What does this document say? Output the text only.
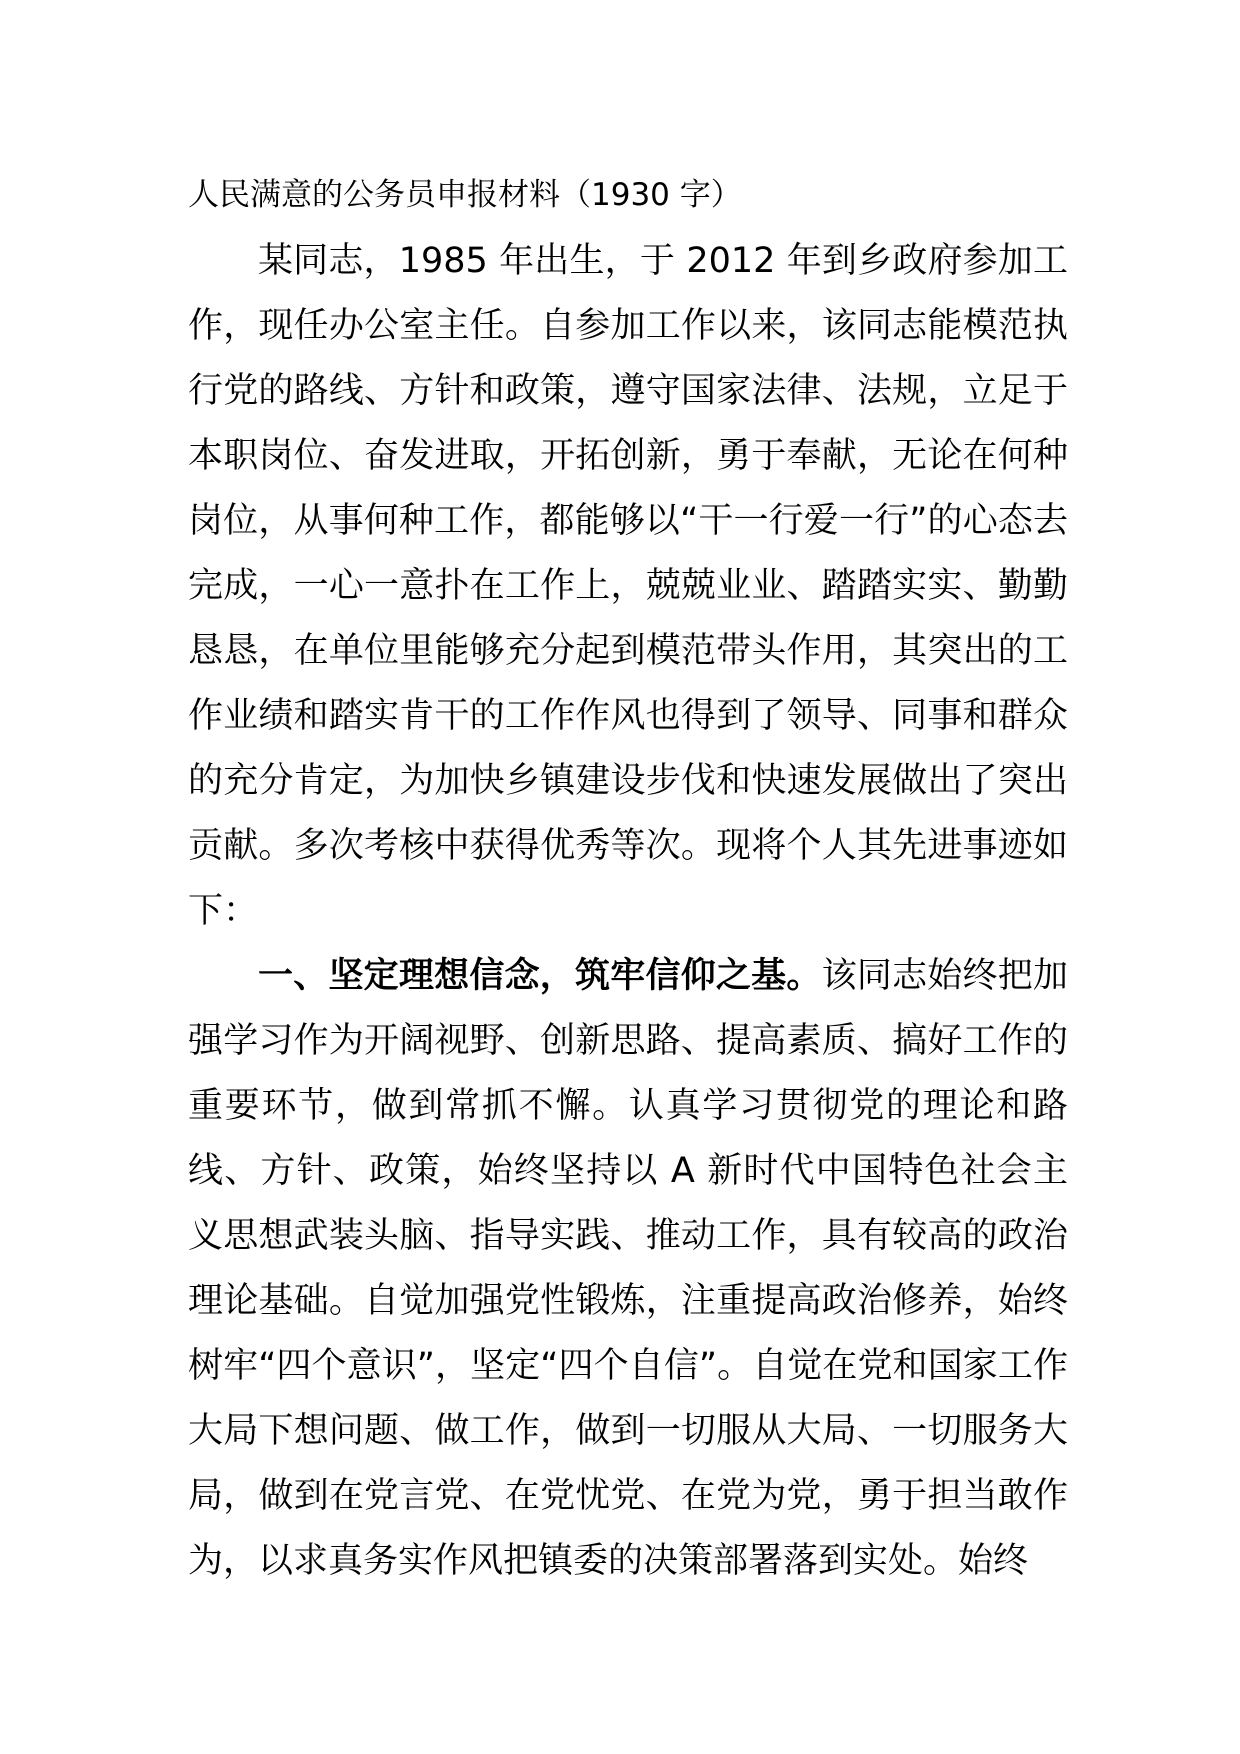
人民满意的公务员申报材料（1930 字）

某同志，1985 年出生，于 2012 年到乡政府参加工作，现任办公室主任。自参加工作以来，该同志能模范执行党的路线、方针和政策，遵守国家法律、法规，立足于本职岗位、奋发进取，开拓创新，勇于奉献，无论在何种岗位，从事何种工作，都能够以“干一行爱一行”的心态去完成，一心一意扑在工作上，兢兢业业、踏踏实实、勤勤恳恳，在单位里能够充分起到模范带头作用，其突出的工作业绩和踏实肯干的工作作风也得到了领导、同事和群众的充分肯定，为加快乡镇建设步伐和快速发展做出了突出贡献。多次考核中获得优秀等次。现将个人其先进事迹如下：

一、坚定理想信念，筑牢信仰之基。该同志始终把加强学习作为开阔视野、创新思路、提高素质、搞好工作的重要环节，做到常抓不懈。认真学习贯彻党的理论和路线、方针、政策，始终坚持以 A 新时代中国特色社会主义思想武装头脑、指导实践、推动工作，具有较高的政治理论基础。自觉加强党性锻炼，注重提高政治修养，始终树牢“四个意识”，坚定“四个自信”。自觉在党和国家工作大局下想问题、做工作，做到一切服从大局、一切服务大局，做到在党言党、在党忧党、在党为党，勇于担当敢作为，以求真务实作风把镇委的决策部署落到实处。始终
